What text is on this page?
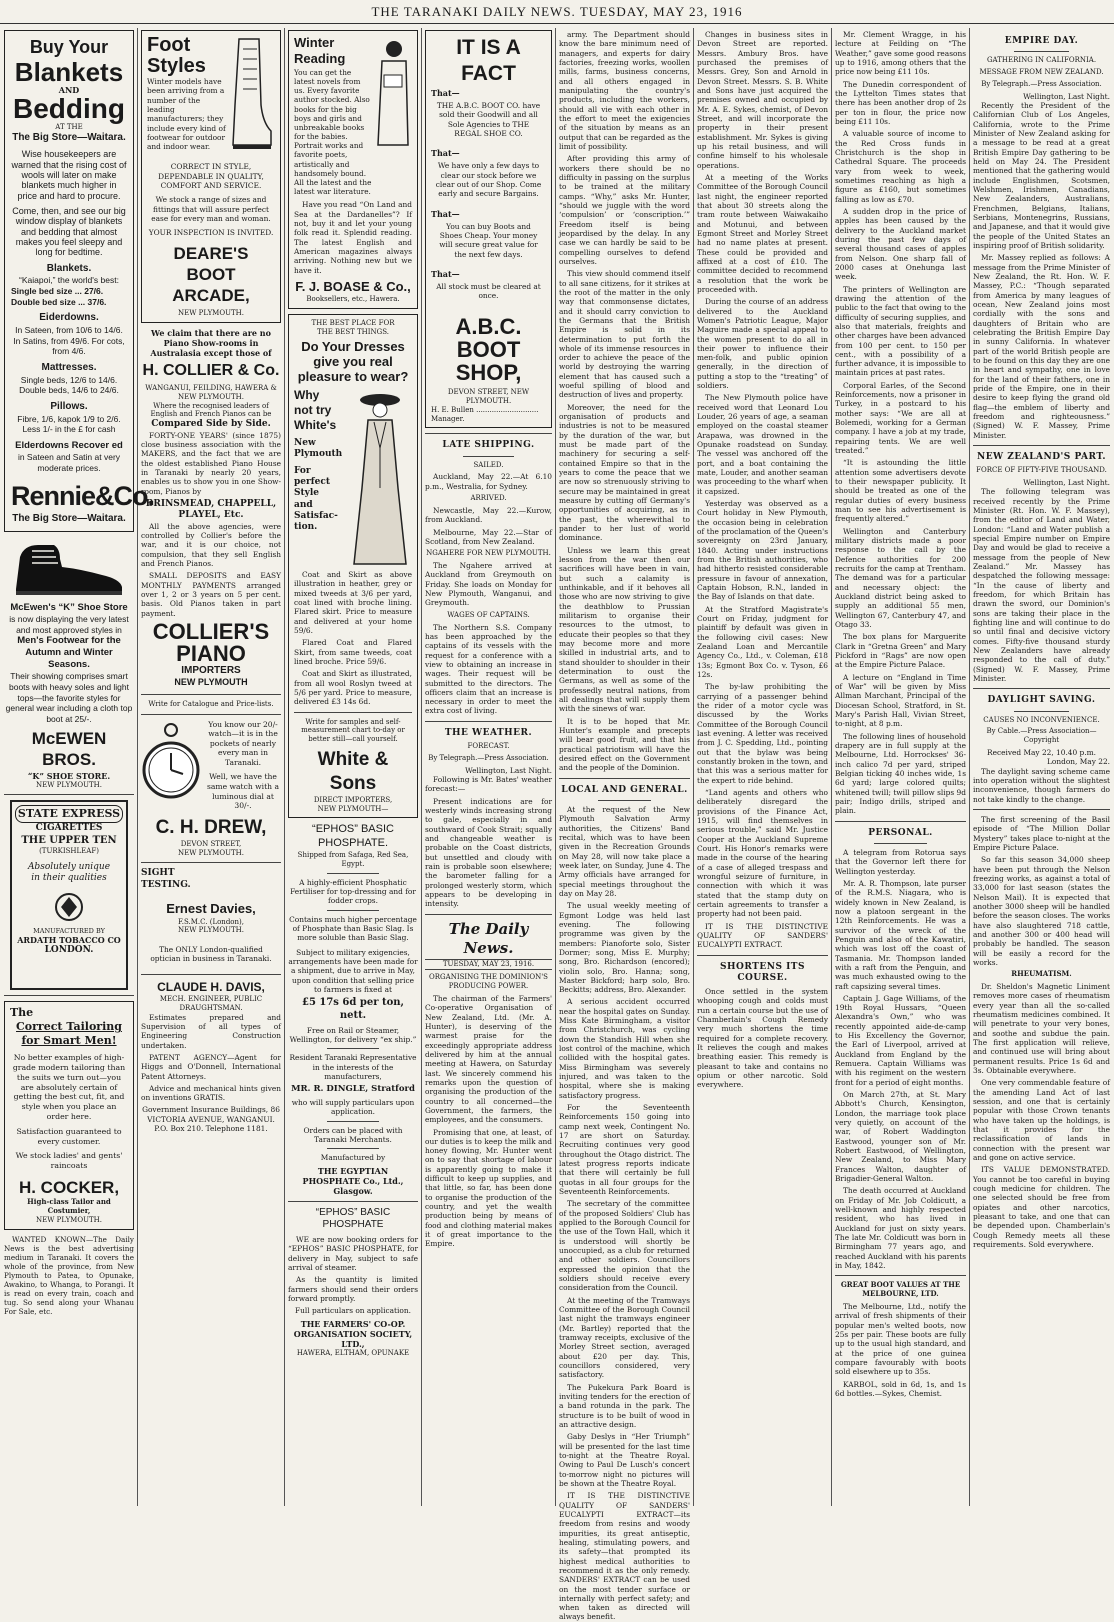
THE TARANAKI DAILY NEWS. TUESDAY, MAY 23, 1916
Buy Your
Blankets
AND
Bedding
AT THE
The Big Store—Waitara.
Wise housekeepers are warned that the rising cost of wools will later on make blankets much higher in price and hard to procure.
Come, then, and see our big window display of blankets and bedding that almost makes you feel sleepy and long for bedtime.
Blankets.
“Kaiapoi,” the world's best:
Single bed size ... 27/6.
Double bed size ... 37/6.
Eiderdowns.
In Sateen, from 10/6 to 14/6. In Satins, from 49/6. For cots, from 4/6.
Mattresses.
Single beds, 12/6 to 14/6. Double beds, 14/6 to 24/6.
Pillows.
Fibre, 1/6, kapok 1/9 to 2/6. Less 1/- in the £ for cash
Elderdowns Recover ed
in Sateen and Satin at very moderate prices.
Rennie&Co.
The Big Store—Waitara.
McEwen's “K” Shoe Store
is now displaying the very latest and most approved styles in
Men's Footwear for the Autumn and Winter Seasons.
Their showing comprises smart boots with heavy soles and light tops—the favorite styles for general wear including a cloth top boot at 25/-.
McEWEN BROS.
“K” SHOE STORE.
NEW PLYMOUTH.
STATE EXPRESS
CIGARETTES
THE UPPER TEN
(TURKISHLEAF)
Absolutely unique in their qualities
MANUFACTURED BY
ARDATH TOBACCO CO
LONDON.
The
Correct Tailoring
for Smart Men!
No better examples of high-grade modern tailoring than the suits we turn out—you are absolutely certain of getting the best cut, fit, and style when you place an order here.
Satisfaction guaranteed to every customer.
We stock ladies' and gents' raincoats
H. COCKER,
High-class Tailor and Costumier,
NEW PLYMOUTH.
WANTED KNOWN—The Daily News is the best advertising medium in Taranaki. It covers the whole of the province, from New Plymouth to Patea, to Opunake, Awakino, to Whanga, to Porangi. It is read on every train, coach and tug. So send along your Whanau For Sale, etc.
Foot
Styles
Winter models have been arriving from a number of the leading manufacturers; they include every kind of footwear for outdoor and indoor wear.
CORRECT IN STYLE, DEPENDABLE IN QUALITY, COMFORT AND SERVICE.
We stock a range of sizes and fittings that will assure perfect ease for every man and woman.
YOUR INSPECTION IS INVITED.
DEARE'S
BOOT
ARCADE,
NEW PLYMOUTH.
We claim that there are no Piano Show-rooms in Australasia except those of
H. COLLIER & Co.
WANGANUI, FEILDING, HAWERA & NEW PLYMOUTH.
Where the recognised leaders of English and French Pianos can be
Compared Side by Side.
FORTY-ONE YEARS' (since 1875) close business association with the MAKERS, and the fact that we are the oldest established Piano House in Taranaki by nearly 20 years, enables us to show you in one Show-room, Pianos by
BRINSMEAD, CHAPPELL,
PLAYEL, Etc.
All the above agencies, were controlled by Collier's before the war, and it is our choice, not compulsion, that they sell English and French Pianos.
SMALL DEPOSITS and EASY MONTHLY PAYMENTS arranged over 1, 2 or 3 years on 5 per cent. basis. Old Pianos taken in part payment.
COLLIER'S
PIANO
IMPORTERS
NEW PLYMOUTH
Write for Catalogue and Price-lists.
You know our 20/- watch—it is in the pockets of nearly every man in Taranaki.
Well, we have the same watch with a luminous dial at 30/-.
C. H. DREW,
DEVON STREET,
NEW PLYMOUTH.
SIGHT
TESTING.
Ernest Davies,
F.S.M.C. (London),
NEW PLYMOUTH.
The ONLY London-qualified optician in business in Taranaki.
CLAUDE H. DAVIS,
MECH. ENGINEER, PUBLIC DRAUGHTSMAN.
Estimates prepared and Supervision of all types of Engineering Construction undertaken.
PATENT AGENCY—Agent for Higgs and O'Donnell, International Patent Attorneys.
Advice and mechanical hints given on inventions GRATIS.
Government Insurance Buildings, 86 VICTORIA AVENUE, WANGANUI. P.O. Box 210. Telephone 1181.
Winter Reading
You can get the latest novels from us. Every favorite author stocked. Also books for the big boys and girls and unbreakable books for the babies. Portrait works and favorite poets, artistically and handsomely bound. All the latest and the latest war literature.
Have you read “On Land and Sea at the Dardanelles”? If not, buy it and let your young folk read it. Splendid reading. The latest English and American magazines always arriving. Nothing new but we have it.
F. J. BOASE & Co.,
Booksellers, etc., Hawera.
THE BEST PLACE FOR
THE BEST THINGS.
Do Your Dresses give you real pleasure to wear?
Why
not try
White's
New
Plymouth
For
perfect
Style
and
Satisfac-
tion.
Coat and Skirt as above illustration in heather, grey or mixed tweeds at 3/6 per yard, coat lined with broche lining. Flared skirt. Price to measure and delivered at your home 59/6.
Flared Coat and Flared Skirt, from same tweeds, coat lined broche. Price 59/6.
Coat and Skirt as illustrated, from all wool Roslyn tweed at 5/6 per yard. Price to measure, delivered £3 14s 6d.
Write for samples and self-measurement chart to-day or better still—call yourself.
White & Sons
DIRECT IMPORTERS,
NEW PLYMOUTH—
“EPHOS” BASIC PHOSPHATE.
Shipped from Safaga, Red Sea, Egypt.
A highly-efficient Phosphatic Fertiliser for top-dressing and for fodder crops.
Contains much higher percentage of Phosphate than Basic Slag. Is more soluble than Basic Slag.
Subject to military exigencies, arrangements have been made for a shipment, due to arrive in May, upon condition that selling price to farmers is fixed at
£5 17s 6d per ton, nett.
Free on Rail or Steamer, Wellington, for delivery “ex ship.”
Resident Taranaki Representative in the interests of the manufacturers,
MR. R. DINGLE, Stratford
who will supply particulars upon application.
Orders can be placed with Taranaki Merchants.
Manufactured by
THE EGYPTIAN PHOSPHATE Co., Ltd., Glasgow.
“EPHOS” BASIC PHOSPHATE
WE are now booking orders for “EPHOS” BASIC PHOSPHATE, for delivery in May, subject to safe arrival of steamer.
As the quantity is limited farmers should send their orders forward promptly.
Full particulars on application.
THE FARMERS' CO-OP. ORGANISATION SOCIETY, LTD.,
HAWERA, ELTHAM, OPUNAKE
IT IS A FACT
That—
THE A.B.C. BOOT CO. have sold their Goodwill and all Sole Agencies to THE REGAL SHOE CO.
That—
We have only a few days to clear our stock before we clear out of our Shop. Come early and secure Bargains.
That—
You can buy Boots and Shoes Cheap. Your money will secure great value for the next few days.
That—
All stock must be cleared at once.
A.B.C. BOOT
SHOP,
DEVON STREET, NEW PLYMOUTH.
H. E. Bullen ............................ Manager.
LATE SHIPPING.
SAILED.
Auckland, May 22.—At 6.10 p.m., Westralia, for Sydney.
ARRIVED.
Newcastle, May 22.—Kurow, from Auckland.
Melbourne, May 22.—Star of Scotland, from New Zealand.
NGAHERE FOR NEW PLYMOUTH.
The Ngahere arrived at Auckland from Greymouth on Friday. She loads on Monday for New Plymouth, Wanganui, and Greymouth.
WAGES OF CAPTAINS.
The Northern S.S. Company has been approached by the captains of its vessels with the request for a conference with a view to obtaining an increase in wages. Their request will be submitted to the directors. The officers claim that an increase is necessary in order to meet the extra cost of living.
THE WEATHER.
FORECAST.
By Telegraph.—Press Association.
Wellington, Last Night.
Following is Mr. Bates' weather forecast:—
Present indications are for westerly winds increasing strong to gale, especially in and southward of Cook Strait; squally and changeable weather is probable on the Coast districts, but unsettled and cloudy with rain is probable soon elsewhere; the barometer falling for a prolonged westerly storm, which appears to be developing in intensity.
The Daily News.
TUESDAY, MAY 23, 1916.
ORGANISING THE DOMINION'S PRODUCING POWER.
The chairman of the Farmers' Co-operative Organisation of New Zealand, Ltd. (Mr. A. Hunter), is deserving of the warmest praise for the exceedingly appropriate address delivered by him at the annual meeting at Hawera, on Saturday last. We sincerely commend his remarks upon the question of organising the production of the country to all concerned—the Government, the farmers, the employees, and the consumers.
Promising that one, at least, of our duties is to keep the milk and honey flowing, Mr. Hunter went on to say that shortage of labour is apparently going to make it difficult to keep up supplies, and that little, so far, has been done to organise the production of the country, and yet the wealth production being by means of food and clothing material makes it of great importance to the Empire.
army. The Department should know the bare minimum need of managers, and experts for dairy factories, freezing works, woollen mills, farms, business concerns, and all others engaged in manipulating the country's products, including the workers, should all vie with each other in the effort to meet the exigencies of the situation by means as an output that can be regarded as the limit of possibility.
After providing this army of workers there should be no difficulty in passing on the surplus to be trained at the military camps. “Why,” asks Mr. Hunter, “should we juggle with the word ‘compulsion’ or ‘conscription.’” Freedom itself is being jeopardised by the delay. In any case we can hardly be said to be compelling ourselves to defend ourselves.
This view should commend itself to all sane citizens, for it strikes at the root of the matter in the only way that commonsense dictates, and it should carry conviction to the Germans that the British Empire is solid in its determination to put forth the whole of its immense resources in order to achieve the peace of the world by destroying the warring element that has caused such a woeful spilling of blood and destruction of lives and property.
Moreover, the need for the organisation of products and industries is not to be measured by the duration of the war, but must be made part of the machinery for securing a self-contained Empire so that in the years to come the peace that we are now so strenuously striving to secure may be maintained in great measure by cutting off Germany's opportunities of acquiring, as in the past, the wherewithal to pander to her lust of world dominance.
Unless we learn this great lesson from the war then our sacrifices will have been in vain, but such a calamity is unthinkable, and if it behoves all those who are now striving to give the deathblow to Prussian militarism to organise their resources to the utmost, to educate their peoples so that they may become more and more skilled in industrial arts, and to stand shoulder to shoulder in their determination to oust the Germans, as well as some of the professedly neutral nations, from all dealings that will supply them with the sinews of war.
It is to be hoped that Mr. Hunter's example and precepts will bear good fruit, and that his practical patriotism will have the desired effect on the Government and the people of the Dominion.
LOCAL AND GENERAL.
At the request of the New Plymouth Salvation Army authorities, the Citizens' Band recital, which was to have been given in the Recreation Grounds on May 28, will now take place a week later, on Sunday, June 4. The Army officials have arranged for special meetings throughout the day on May 28.
The usual weekly meeting of Egmont Lodge was held last evening. The following programme was given by the members: Pianoforte solo, Sister Dormer; song, Miss E. Murphy; song, Bro. Richardson (encored); violin solo, Bro. Hanna; song, Master Bickford; harp solo, Bro. Beckitts; address, Bro. Alexander.
A serious accident occurred near the hospital gates on Sunday. Miss Kate Birmingham, a visitor from Christchurch, was cycling down the Standish Hill when she lost control of the machine, which collided with the hospital gates. Miss Birmingham was severely injured, and was taken to the hospital, where she is making satisfactory progress.
For the Seventeenth Reinforcements 150 going into camp next week, Contingent No. 17 are short on Saturday. Recruiting continues very good throughout the Otago district. The latest progress reports indicate that there will certainly be full quotas in all four groups for the Seventeenth Reinforcements.
The secretary of the committee of the proposed Soldiers' Club has applied to the Borough Council for the use of the Town Hall, which it is understood will shortly be unoccupied, as a club for returned and other soldiers. Councillors expressed the opinion that the soldiers should receive every consideration from the Council.
At the meeting of the Tramways Committee of the Borough Council last night the tramways engineer (Mr. Bartley) reported that the tramway receipts, exclusive of the Morley Street section, averaged about £20 per day. This, councillors considered, very satisfactory.
The Pukekura Park Board is inviting tenders for the erection of a band rotunda in the park. The structure is to be built of wood in an attractive design.
Gaby Deslys in “Her Triumph” will be presented for the last time to-night at the Theatre Royal. Owing to Paul De Lusch's concert to-morrow night no pictures will be shown at the Theatre Royal.
IT IS THE DISTINCTIVE QUALITY OF SANDERS' EUCALYPTI EXTRACT—its freedom from resins and woody impurities, its great antiseptic, healing, stimulating powers, and its safety—that prompted its highest medical authorities to recommend it as the only remedy. SANDERS' EXTRACT can be used on the most tender surface or internally with perfect safety; and when taken as directed will always benefit.
Changes in business sites in Devon Street are reported. Messrs. Ambury Bros. have purchased the premises of Messrs. Grey, Son and Arnold in Devon Street. Messrs. S. B. White and Sons have just acquired the premises owned and occupied by Mr. A. E. Sykes, chemist, of Devon Street, and will incorporate the property in their present establishment. Mr. Sykes is giving up his retail business, and will confine himself to his wholesale operations.
At a meeting of the Works Committee of the Borough Council last night, the engineer reported that about 30 streets along the tram route between Waiwakaiho and Motunui, and between Egmont Street and Morley Street had no name plates at present. These could be provided and affixed at a cost of £10. The committee decided to recommend a resolution that the work be proceeded with.
During the course of an address delivered to the Auckland Women's Patriotic League, Major Maguire made a special appeal to the women present to do all in their power to influence their men-folk, and public opinion generally, in the direction of putting a stop to the “treating” of soldiers.
The New Plymouth police have received word that Leonard Lou Louder, 26 years of age, a seaman employed on the coastal steamer Arapawa, was drowned in the Opunake roadstead on Sunday. The vessel was anchored off the port, and a boat containing the mate, Louder, and another seaman was proceeding to the wharf when it capsized.
Yesterday was observed as a Court holiday in New Plymouth, the occasion being in celebration of the proclamation of the Queen's sovereignty on 23rd January, 1840. Acting under instructions from the British authorities, who had hitherto resisted considerable pressure in favour of annexation, Captain Hobson, R.N., landed in the Bay of Islands on that date.
At the Stratford Magistrate's Court on Friday, judgment for plaintiff by default was given in the following civil cases: New Zealand Loan and Mercantile Agency Co., Ltd., v. Coleman, £18 13s; Egmont Box Co. v. Tyson, £6 12s.
The by-law prohibiting the carrying of a passenger behind the rider of a motor cycle was discussed by the Works Committee of the Borough Council last evening. A letter was received from J. C. Spedding, Ltd., pointing out that the bylaw was being constantly broken in the town, and that this was a serious matter for the expert to ride behind.
“Land agents and others who deliberately disregard the provisions of the Finance Act, 1915, will find themselves in serious trouble,” said Mr. Justice Cooper at the Auckland Supreme Court. His Honor's remarks were made in the course of the hearing of a case of alleged trespass and wrongful seizure of furniture, in connection with which it was stated that the stamp duty on certain agreements to transfer a property had not been paid.
IT IS THE DISTINCTIVE QUALITY OF SANDERS' EUCALYPTI EXTRACT.
SHORTENS ITS COURSE.
Once settled in the system whooping cough and colds must run a certain course but the use of Chamberlain's Cough Remedy very much shortens the time required for a complete recovery. It relieves the cough and makes breathing easier. This remedy is pleasant to take and contains no opium or other narcotic. Sold everywhere.
Mr. Clement Wragge, in his lecture at Feilding on “The Weather,” gave some good reasons up to 1916, among others that the price now being £11 10s.
The Dunedin correspondent of the Lyttelton Times states that there has been another drop of 2s per ton in flour, the price now being £11 10s.
A valuable source of income to the Red Cross funds in Christchurch is the shop in Cathedral Square. The proceeds vary from week to week, sometimes reaching as high a figure as £160, but sometimes falling as low as £70.
A sudden drop in the price of apples has been caused by the delivery to the Auckland market during the past few days of several thousand cases of apples from Nelson. One sharp fall of 2000 cases at Onehunga last week.
The printers of Wellington are drawing the attention of the public to the fact that owing to the difficulty of securing supplies, and also that materials, freights and other charges have been advanced from 100 per cent. to 150 per cent., with a possibility of a further advance, it is impossible to maintain prices at past rates.
Corporal Earles, of the Second Reinforcements, now a prisoner in Turkey, in a postcard to his mother says: “We are all at Bolemedi, working for a German company. I have a job at my trade, repairing tents. We are well treated.”
“It is astounding the little attention some advertisers devote to their newspaper publicity. It should be treated as one of the regular duties of every business man to see his advertisement is frequently altered.”
Wellington and Canterbury military districts made a poor response to the call by the Defence authorities for 200 recruits for the camp at Trentham. The demand was for a particular and necessary object: the Auckland district being asked to supply an additional 55 men, Wellington 67, Canterbury 47, and Otago 33.
The box plans for Marguerite Clark in “Gretna Green” and Mary Pickford in “Rags” are now open at the Empire Picture Palace.
A lecture on “England in Time of War” will be given by Miss Allman Marchant, Principal of the Diocesan School, Stratford, in St. Mary's Parish Hall, Vivian Street, to-night, at 8 p.m.
The following lines of household drapery are in full supply at the Melbourne, Ltd. Horrockses' 36-inch calico 7d per yard, striped Belgian ticking 40 inches wide, 1s 6d yard; large colored quilts; whitened twill; twill pillow slips 9d pair; Indigo drills, striped and plain.
PERSONAL.
A telegram from Rotorua says that the Governor left there for Wellington yesterday.
Mr. A. R. Thompson, late purser of the R.M.S. Niagara, who is widely known in New Zealand, is now a platoon sergeant in the 12th Reinforcements. He was a survivor of the wreck of the Penguin and also of the Kawatiri, which was lost off the coast of Tasmania. Mr. Thompson landed with a raft from the Penguin, and was much exhausted owing to the raft capsizing several times.
Captain J. Gage Williams, of the 19th Royal Hussars, “Queen Alexandra's Own,” who was recently appointed aide-de-camp to His Excellency the Governor, the Earl of Liverpool, arrived at Auckland from England by the Remuera. Captain Williams was with his regiment on the western front for a period of eight months.
On March 27th, at St. Mary Abbott's Church, Kensington, London, the marriage took place very quietly, on account of the war, of Robert Waddington Eastwood, younger son of Mr. Robert Eastwood, of Wellington, New Zealand, to Miss Mary Frances Walton, daughter of Brigadier-General Walton.
The death occurred at Auckland on Friday of Mr. Job Coldicutt, a well-known and highly respected resident, who has lived in Auckland for just on sixty years. The late Mr. Coldicutt was born in Birmingham 77 years ago, and reached Auckland with his parents in May, 1842.
GREAT BOOT VALUES AT THE MELBOURNE, LTD.
The Melbourne, Ltd., notify the arrival of fresh shipments of their popular men's welted boots, now 25s per pair. These boots are fully up to the usual high standard, and at the price of one guinea compare favourably with boots sold elsewhere up to 35s.
KARBOL, sold in 6d, 1s, and 1s 6d bottles.—Sykes, Chemist.
EMPIRE DAY.
GATHERING IN CALIFORNIA.
MESSAGE FROM NEW ZEALAND.
By Telegraph.—Press Association.
Wellington, Last Night.
Recently the President of the Californian Club of Los Angeles, California, wrote to the Prime Minister of New Zealand asking for a message to be read at a great British Empire Day gathering to be held on May 24. The President mentioned that the gathering would include Englishmen, Scotsmen, Welshmen, Irishmen, Canadians, New Zealanders, Australians, Frenchmen, Belgians, Italians, Serbians, Montenegrins, Russians, and Japanese, and that it would give the people of the United States an inspiring proof of British solidarity.
Mr. Massey replied as follows: A message from the Prime Minister of New Zealand, the Rt. Hon. W. F. Massey, P.C.: “Though separated from America by many leagues of ocean, New Zealand joins most cordially with the sons and daughters of Britain who are celebrating the British Empire Day in sunny California. In whatever part of the world British people are to be found on this day they are one in heart and sympathy, one in love for the land of their fathers, one in pride of the Empire, one in their desire to keep flying the grand old flag—the emblem of liberty and freedom and righteousness.” (Signed) W. F. Massey, Prime Minister.
NEW ZEALAND'S PART.
FORCE OF FIFTY-FIVE THOUSAND.
Wellington, Last Night.
The following telegram was received recently by the Prime Minister (Rt. Hon. W. F. Massey), from the editor of Land and Water, London: “Land and Water publish a special Empire number on Empire Day and would be glad to receive a message from the people of New Zealand.” Mr. Massey has despatched the following message: “In the cause of liberty and freedom, for which Britain has drawn the sword, our Dominion's sons are taking their place in the fighting line and will continue to do so until final and decisive victory comes. Fifty-five thousand sturdy New Zealanders have already responded to the call of duty.” (Signed) W. F. Massey, Prime Minister.
DAYLIGHT SAVING.
CAUSES NO INCONVENIENCE.
By Cable.—Press Association—Copyright
Received May 22, 10.40 p.m.
London, May 22.
The daylight saving scheme came into operation without the slightest inconvenience, though farmers do not take kindly to the change.
The first screening of the Basil episode of “The Million Dollar Mystery” takes place to-night at the Empire Picture Palace.
So far this season 34,000 sheep have been put through the Nelson freezing works, as against a total of 33,000 for last season (states the Nelson Mail). It is expected that another 3000 sheep will be handled before the season closes. The works have also slaughtered 718 cattle, and another 300 or 400 head will probably be handled. The season will be easily a record for the works.
RHEUMATISM.
Dr. Sheldon's Magnetic Liniment removes more cases of rheumatism every year than all the so-called rheumatism medicines combined. It will penetrate to your very bones, and soothe and subdue the pain. The first application will relieve, and continued use will bring about permanent results. Price 1s 6d and 3s. Obtainable everywhere.
One very commendable feature of the amending Land Act of last session, and one that is certainly popular with those Crown tenants who have taken up the holdings, is that it provides for the reclassification of lands in connection with the present war and gone on active service.
ITS VALUE DEMONSTRATED. You cannot be too careful in buying cough medicine for children. The one selected should be free from opiates and other narcotics, pleasant to take, and one that can be depended upon. Chamberlain's Cough Remedy meets all these requirements. Sold everywhere.
